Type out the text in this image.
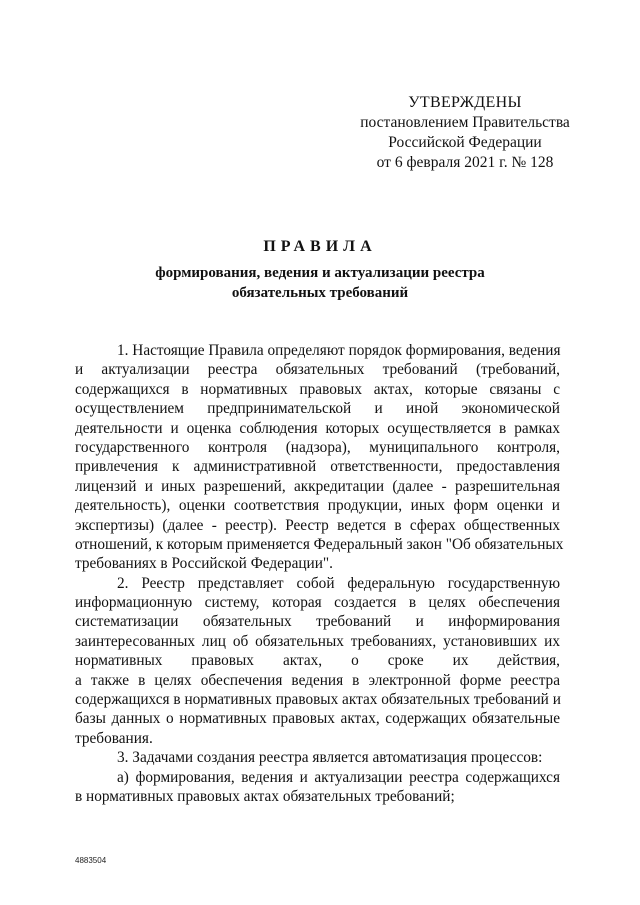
УТВЕРЖДЕНЫ
постановлением Правительства
Российской Федерации
от 6 февраля 2021 г. № 128
ПРАВИЛА
формирования, ведения и актуализации реестра
обязательных требований
1. Настоящие Правила определяют порядок формирования, ведения
и актуализации реестра обязательных требований (требований,
содержащихся в нормативных правовых актах, которые связаны с
осуществлением предпринимательской и иной экономической
деятельности и оценка соблюдения которых осуществляется в рамках
государственного контроля (надзора), муниципального контроля,
привлечения к административной ответственности, предоставления
лицензий и иных разрешений, аккредитации (далее - разрешительная
деятельность), оценки соответствия продукции, иных форм оценки и
экспертизы) (далее - реестр). Реестр ведется в сферах общественных
отношений, к которым применяется Федеральный закон "Об обязательных
требованиях в Российской Федерации".
2. Реестр представляет собой федеральную государственную
информационную систему, которая создается в целях обеспечения
систематизации обязательных требований и информирования
заинтересованных лиц об обязательных требованиях, установивших их
нормативных правовых актах, о сроке их действия,
а также в целях обеспечения ведения в электронной форме реестра
содержащихся в нормативных правовых актах обязательных требований и
базы данных о нормативных правовых актах, содержащих обязательные
требования.
3. Задачами создания реестра является автоматизация процессов:
а) формирования, ведения и актуализации реестра содержащихся
в нормативных правовых актах обязательных требований;
4883504
